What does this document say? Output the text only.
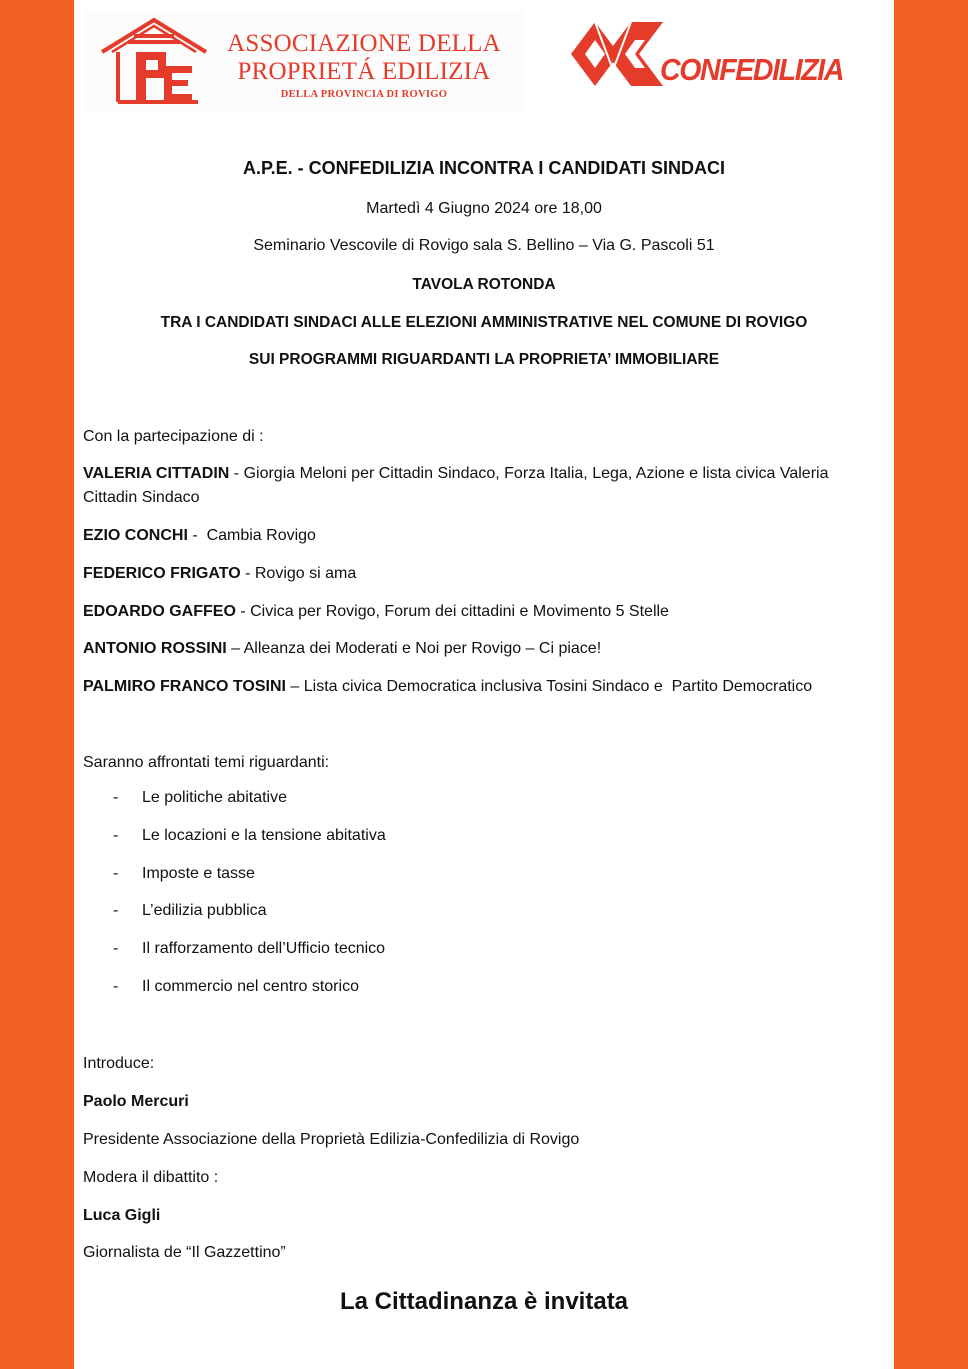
ASSOCIAZIONE DELLA
PROPRIETÁ EDILIZIA
DELLA PROVINCIA DI ROVIGO
CONFEDILIZIA
A.P.E. - CONFEDILIZIA INCONTRA I CANDIDATI SINDACI
Martedì 4 Giugno 2024 ore 18,00
Seminario Vescovile di Rovigo sala S. Bellino – Via G. Pascoli 51
TAVOLA ROTONDA
TRA I CANDIDATI SINDACI ALLE ELEZIONI AMMINISTRATIVE NEL COMUNE DI ROVIGO
SUI PROGRAMMI RIGUARDANTI LA PROPRIETA’ IMMOBILIARE
Con la partecipazione di :
VALERIA CITTADIN - Giorgia Meloni per Cittadin Sindaco, Forza Italia, Lega, Azione e lista civica Valeria Cittadin Sindaco
EZIO CONCHI -  Cambia Rovigo
FEDERICO FRIGATO - Rovigo si ama
EDOARDO GAFFEO - Civica per Rovigo, Forum dei cittadini e Movimento 5 Stelle
ANTONIO ROSSINI – Alleanza dei Moderati e Noi per Rovigo – Ci piace!
PALMIRO FRANCO TOSINI – Lista civica Democratica inclusiva Tosini Sindaco e  Partito Democratico
Saranno affrontati temi riguardanti:
- Le politiche abitative
- Le locazioni e la tensione abitativa
- Imposte e tasse
- L’edilizia pubblica
- Il rafforzamento dell’Ufficio tecnico
- Il commercio nel centro storico
Introduce:
Paolo Mercuri
Presidente Associazione della Proprietà Edilizia-Confedilizia di Rovigo
Modera il dibattito :
Luca Gigli
Giornalista de “Il Gazzettino”
La Cittadinanza è invitata
